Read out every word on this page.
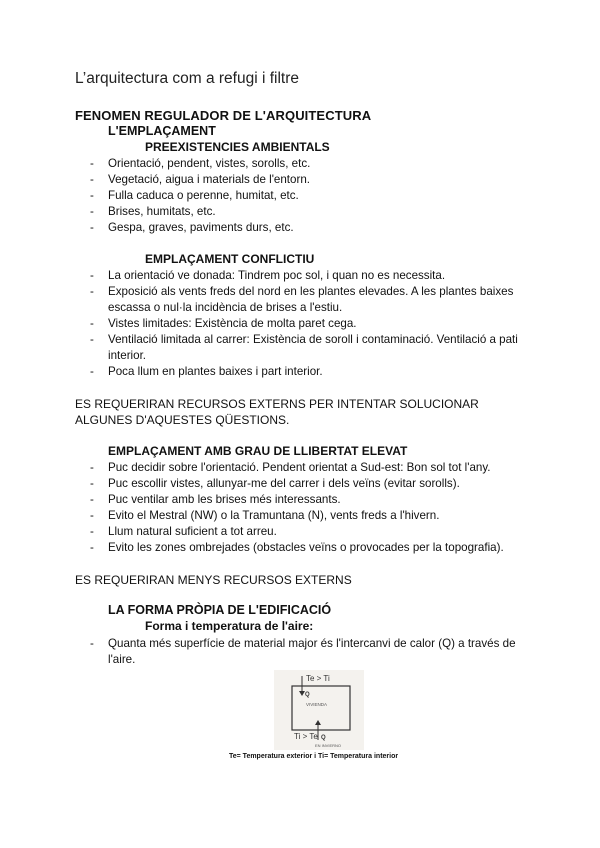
L’arquitectura com a refugi i filtre
FENOMEN REGULADOR DE L'ARQUITECTURA
L'EMPLAÇAMENT
PREEXISTENCIES AMBIENTALS
- Orientació, pendent, vistes, sorolls, etc.
- Vegetació, aigua i materials de l'entorn.
- Fulla caduca o perenne, humitat, etc.
- Brises, humitats, etc.
- Gespa, graves, paviments durs, etc.
EMPLAÇAMENT CONFLICTIU
- La orientació ve donada: Tindrem poc sol, i quan no es necessita.
- Exposició als vents freds del nord en les plantes elevades. A les plantes baixes escassa o nul·la incidència de brises a l'estiu.
- Vistes limitades: Existència de molta paret cega.
- Ventilació limitada al carrer: Existència de soroll i contaminació. Ventilació a pati interior.
- Poca llum en plantes baixes i part interior.
ES REQUERIRAN RECURSOS EXTERNS PER INTENTAR SOLUCIONAR ALGUNES D'AQUESTES QÜESTIONS.
EMPLAÇAMENT AMB GRAU DE LLIBERTAT ELEVAT
- Puc decidir sobre l'orientació. Pendent orientat a Sud-est: Bon sol tot l'any.
- Puc escollir vistes, allunyar-me del carrer i dels veïns (evitar sorolls).
- Puc ventilar amb les brises més interessants.
- Evito el Mestral (NW) o la Tramuntana (N), vents freds a l'hivern.
- Llum natural suficient a tot arreu.
- Evito les zones ombrejades (obstacles veïns o provocades per la topografia).
ES REQUERIRAN MENYS RECURSOS EXTERNS
LA FORMA PRÒPIA DE L'EDIFICACIÓ
Forma i temperatura de l'aire:
- Quanta més superfície de material major és l'intercanvi de calor (Q) a través de l'aire.
Te > Ti
Q
VIVIENDA
Ti > Te Q
EN INVIERNO
Te= Temperatura exterior i Ti= Temperatura interior
